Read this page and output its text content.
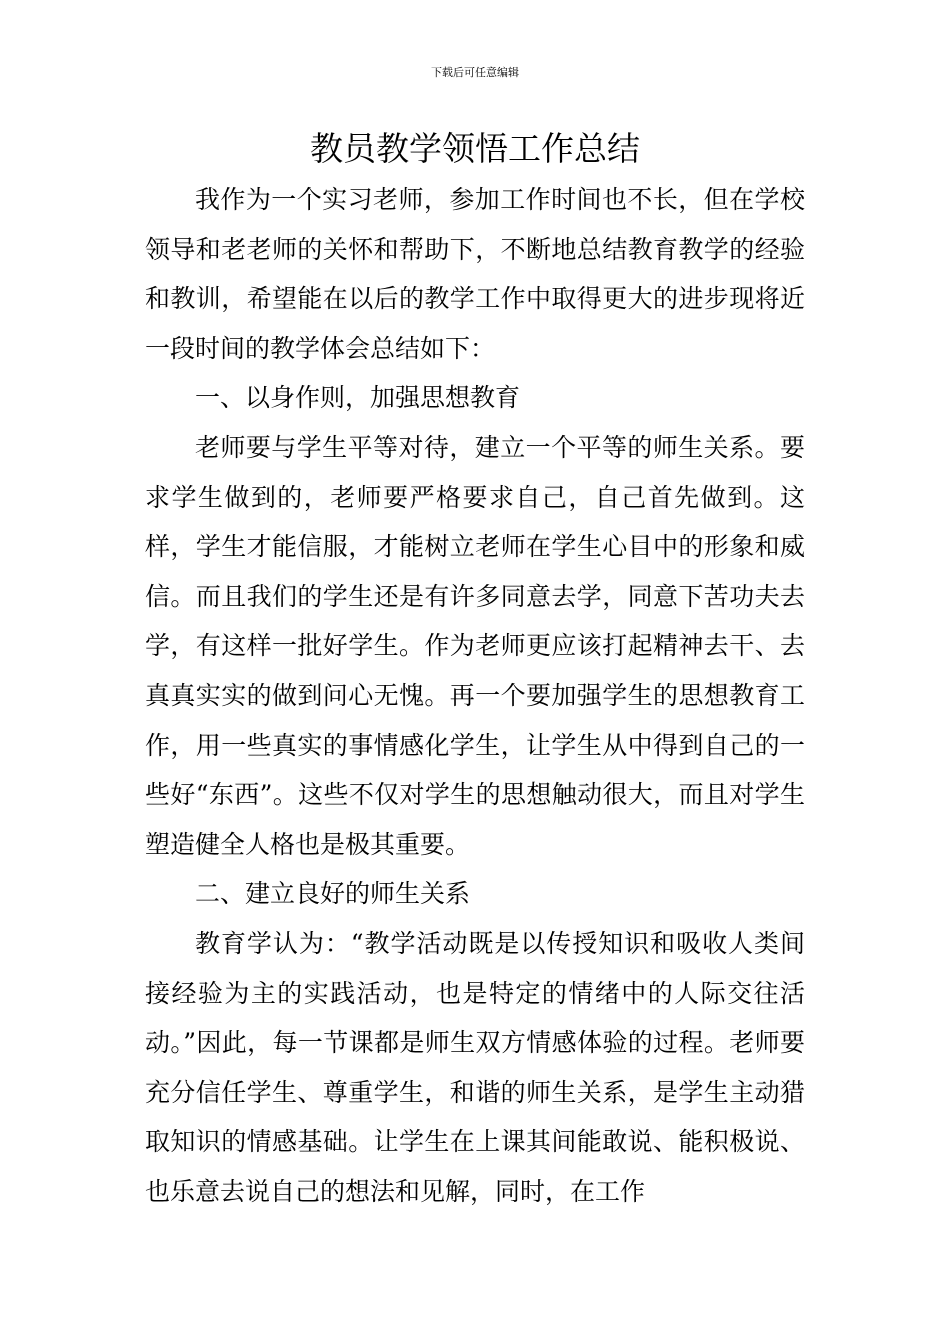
下载后可任意编辑
教员教学领悟工作总结

我作为一个实习老师，参加工作时间也不长，但在学校领导和老老师的关怀和帮助下，不断地总结教育教学的经验和教训，希望能在以后的教学工作中取得更大的进步现将近一段时间的教学体会总结如下：

一、以身作则，加强思想教育

老师要与学生平等对待，建立一个平等的师生关系。要求学生做到的，老师要严格要求自己，自己首先做到。这样，学生才能信服，才能树立老师在学生心目中的形象和威信。而且我们的学生还是有许多同意去学，同意下苦功夫去学，有这样一批好学生。作为老师更应该打起精神去干、去真真实实的做到问心无愧。再一个要加强学生的思想教育工作，用一些真实的事情感化学生，让学生从中得到自己的一些好“东西”。这些不仅对学生的思想触动很大，而且对学生塑造健全人格也是极其重要。

二、建立良好的师生关系

教育学认为：“教学活动既是以传授知识和吸收人类间接经验为主的实践活动，也是特定的情绪中的人际交往活动。”因此，每一节课都是师生双方情感体验的过程。老师要充分信任学生、尊重学生，和谐的师生关系，是学生主动猎取知识的情感基础。让学生在上课其间能敢说、能积极说、也乐意去说自己的想法和见解，同时，在工作
